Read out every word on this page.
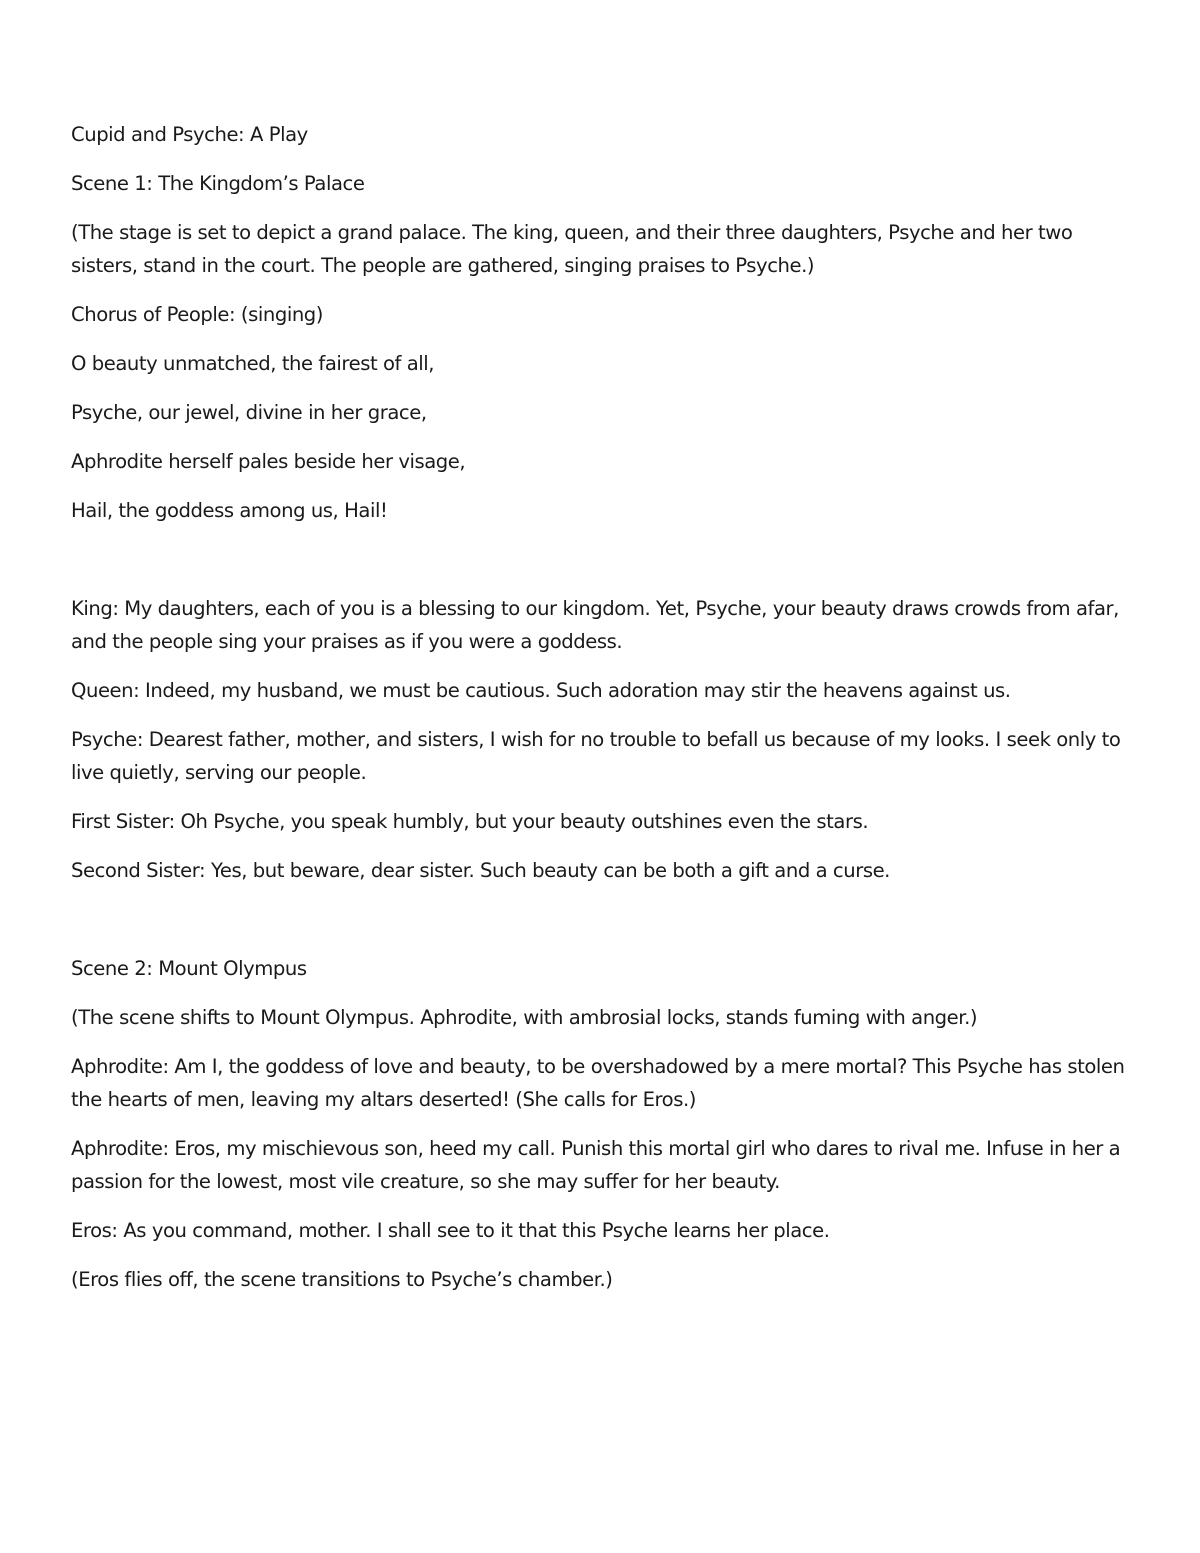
Cupid and Psyche: A Play

Scene 1: The Kingdom’s Palace

(The stage is set to depict a grand palace. The king, queen, and their three daughters, Psyche and her two sisters, stand in the court. The people are gathered, singing praises to Psyche.)

Chorus of People: (singing)

O beauty unmatched, the fairest of all,

Psyche, our jewel, divine in her grace,

Aphrodite herself pales beside her visage,

Hail, the goddess among us, Hail!

King: My daughters, each of you is a blessing to our kingdom. Yet, Psyche, your beauty draws crowds from afar, and the people sing your praises as if you were a goddess.

Queen: Indeed, my husband, we must be cautious. Such adoration may stir the heavens against us.

Psyche: Dearest father, mother, and sisters, I wish for no trouble to befall us because of my looks. I seek only to live quietly, serving our people.

First Sister: Oh Psyche, you speak humbly, but your beauty outshines even the stars.

Second Sister: Yes, but beware, dear sister. Such beauty can be both a gift and a curse.

Scene 2: Mount Olympus

(The scene shifts to Mount Olympus. Aphrodite, with ambrosial locks, stands fuming with anger.)

Aphrodite: Am I, the goddess of love and beauty, to be overshadowed by a mere mortal? This Psyche has stolen the hearts of men, leaving my altars deserted! (She calls for Eros.)

Aphrodite: Eros, my mischievous son, heed my call. Punish this mortal girl who dares to rival me. Infuse in her a passion for the lowest, most vile creature, so she may suffer for her beauty.

Eros: As you command, mother. I shall see to it that this Psyche learns her place.

(Eros flies off, the scene transitions to Psyche’s chamber.)
